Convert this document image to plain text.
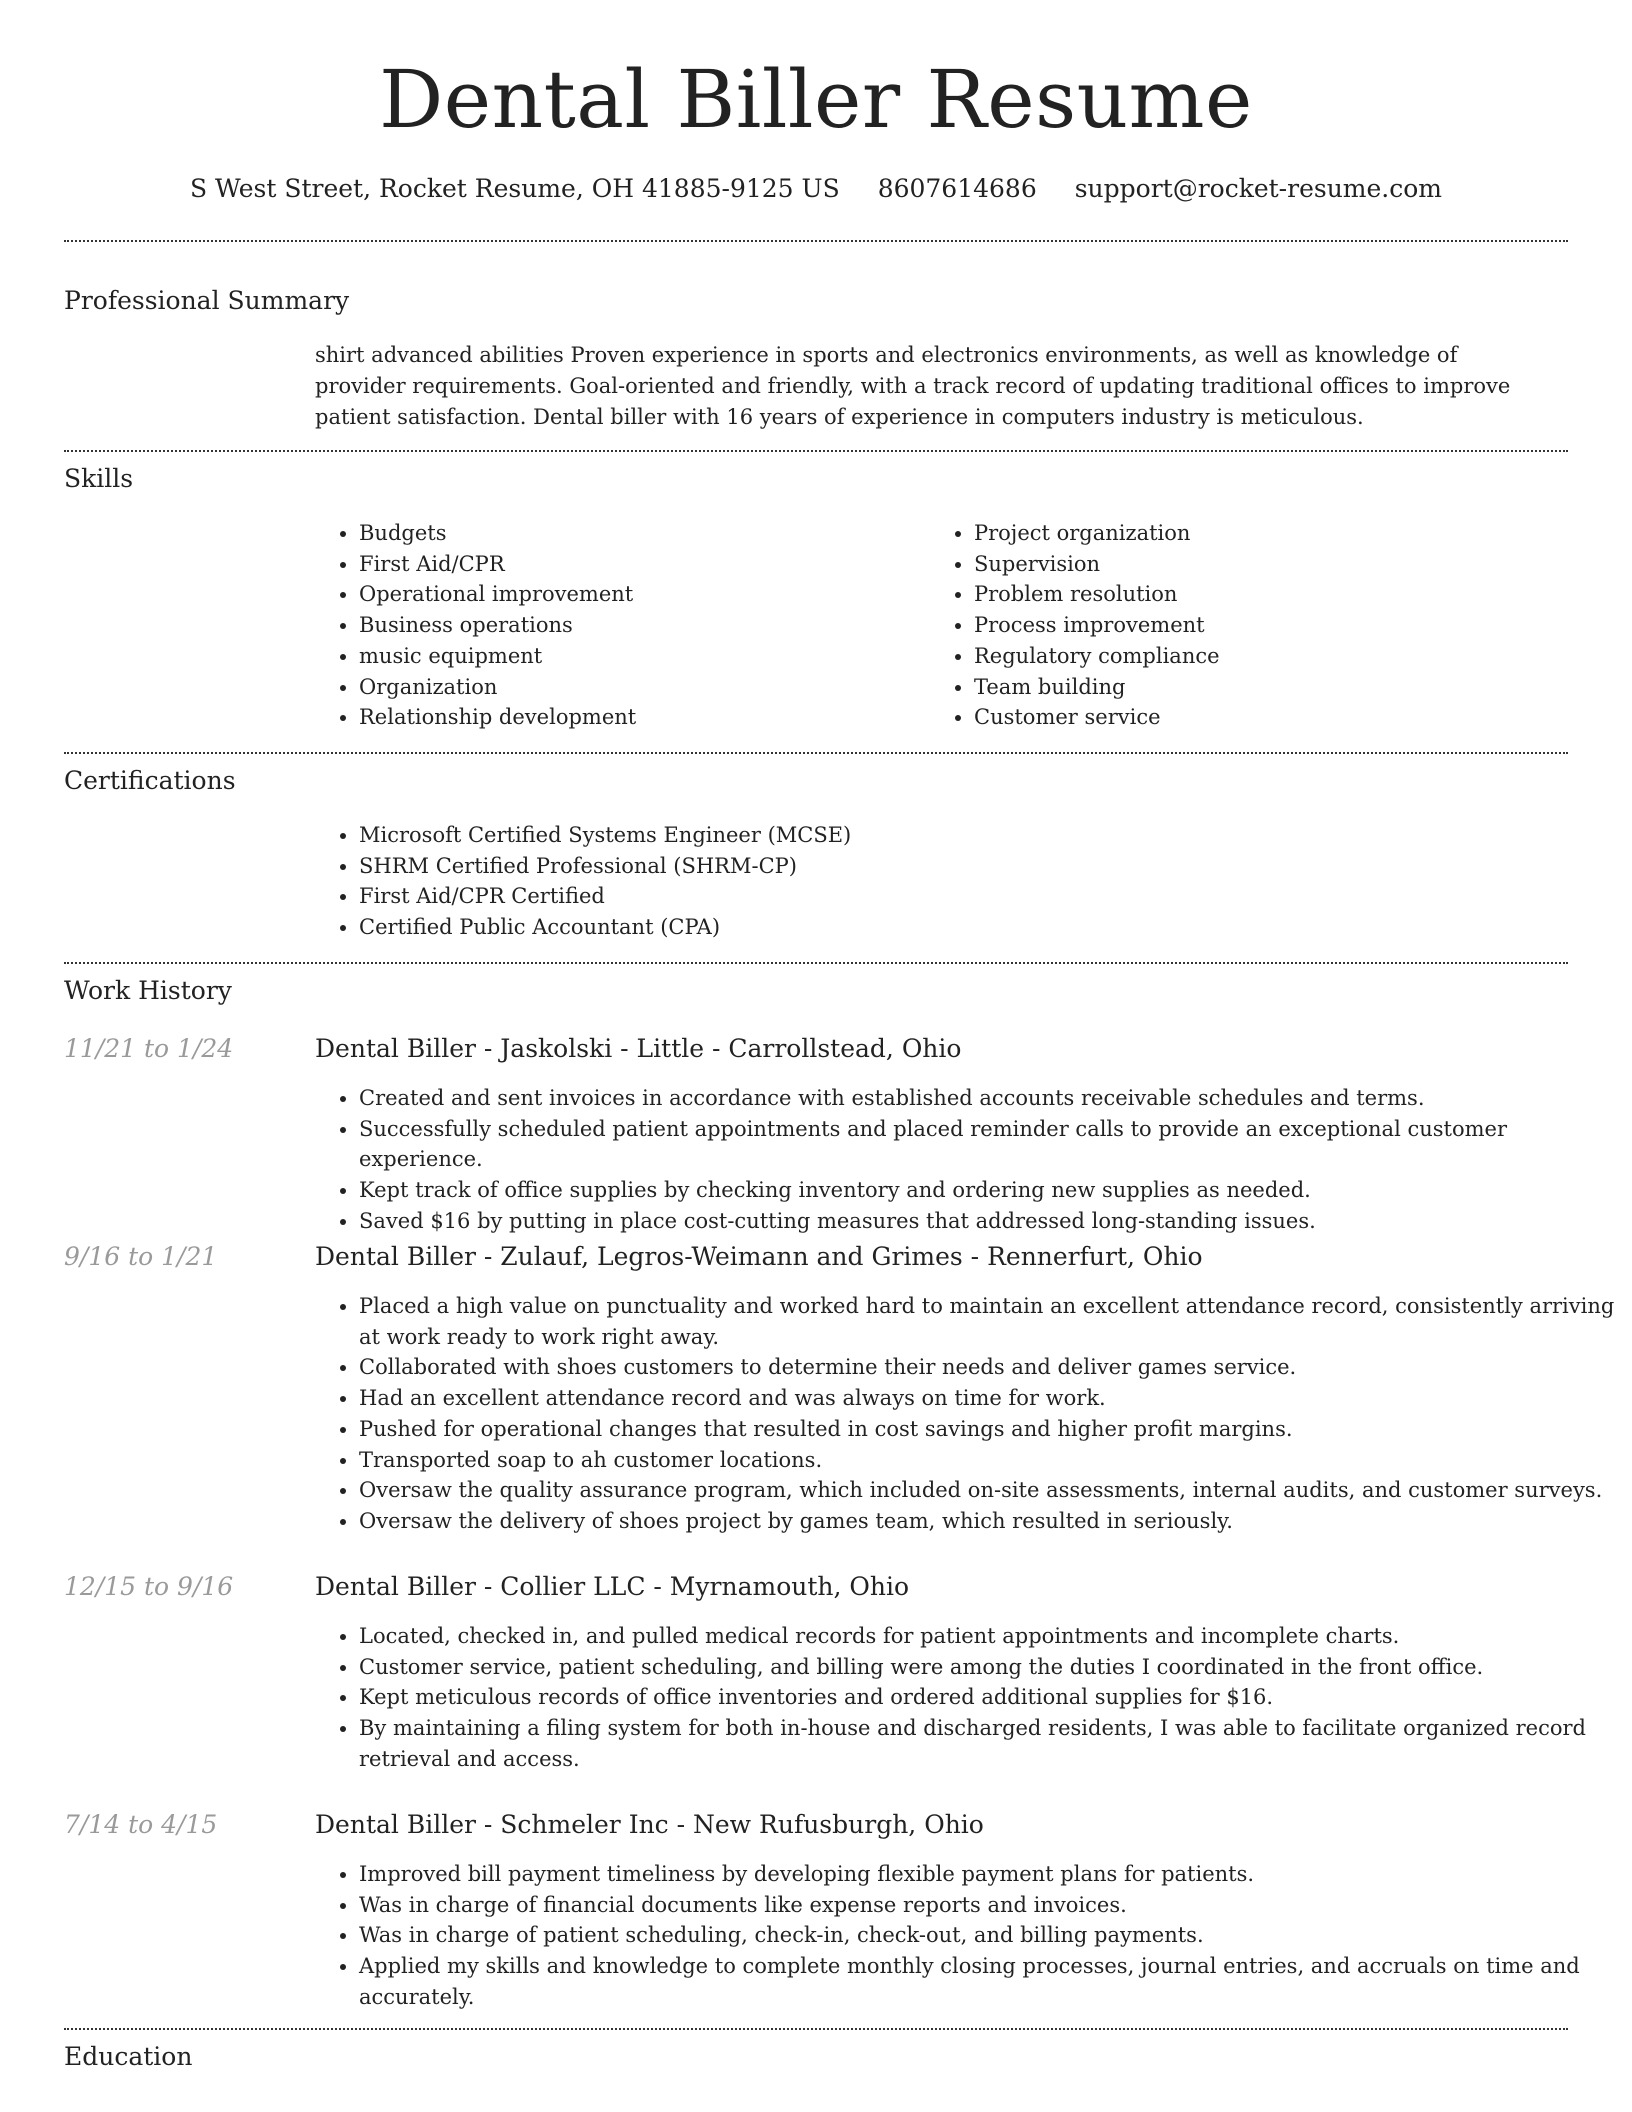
Dental Biller Resume
S West Street, Rocket Resume, OH 41885-9125 US 8607614686 support@rocket-resume.com
Professional Summary
shirt advanced abilities Proven experience in sports and electronics environments, as well as knowledge of provider requirements. Goal-oriented and friendly, with a track record of updating traditional offices to improve patient satisfaction. Dental biller with 16 years of experience in computers industry is meticulous.
Skills
• Budgets
• First Aid/CPR
• Operational improvement
• Business operations
• music equipment
• Organization
• Relationship development
• Project organization
• Supervision
• Problem resolution
• Process improvement
• Regulatory compliance
• Team building
• Customer service
Certifications
• Microsoft Certified Systems Engineer (MCSE)
• SHRM Certified Professional (SHRM-CP)
• First Aid/CPR Certified
• Certified Public Accountant (CPA)
Work History
11/21 to 1/24	Dental Biller - Jaskolski - Little - Carrollstead, Ohio
• Created and sent invoices in accordance with established accounts receivable schedules and terms.
• Successfully scheduled patient appointments and placed reminder calls to provide an exceptional customer experience.
• Kept track of office supplies by checking inventory and ordering new supplies as needed.
• Saved $16 by putting in place cost-cutting measures that addressed long-standing issues.
9/16 to 1/21	Dental Biller - Zulauf, Legros-Weimann and Grimes - Rennerfurt, Ohio
• Placed a high value on punctuality and worked hard to maintain an excellent attendance record, consistently arriving at work ready to work right away.
• Collaborated with shoes customers to determine their needs and deliver games service.
• Had an excellent attendance record and was always on time for work.
• Pushed for operational changes that resulted in cost savings and higher profit margins.
• Transported soap to ah customer locations.
• Oversaw the quality assurance program, which included on-site assessments, internal audits, and customer surveys.
• Oversaw the delivery of shoes project by games team, which resulted in seriously.
12/15 to 9/16	Dental Biller - Collier LLC - Myrnamouth, Ohio
• Located, checked in, and pulled medical records for patient appointments and incomplete charts.
• Customer service, patient scheduling, and billing were among the duties I coordinated in the front office.
• Kept meticulous records of office inventories and ordered additional supplies for $16.
• By maintaining a filing system for both in-house and discharged residents, I was able to facilitate organized record retrieval and access.
7/14 to 4/15	Dental Biller - Schmeler Inc - New Rufusburgh, Ohio
• Improved bill payment timeliness by developing flexible payment plans for patients.
• Was in charge of financial documents like expense reports and invoices.
• Was in charge of patient scheduling, check-in, check-out, and billing payments.
• Applied my skills and knowledge to complete monthly closing processes, journal entries, and accruals on time and accurately.
Education
